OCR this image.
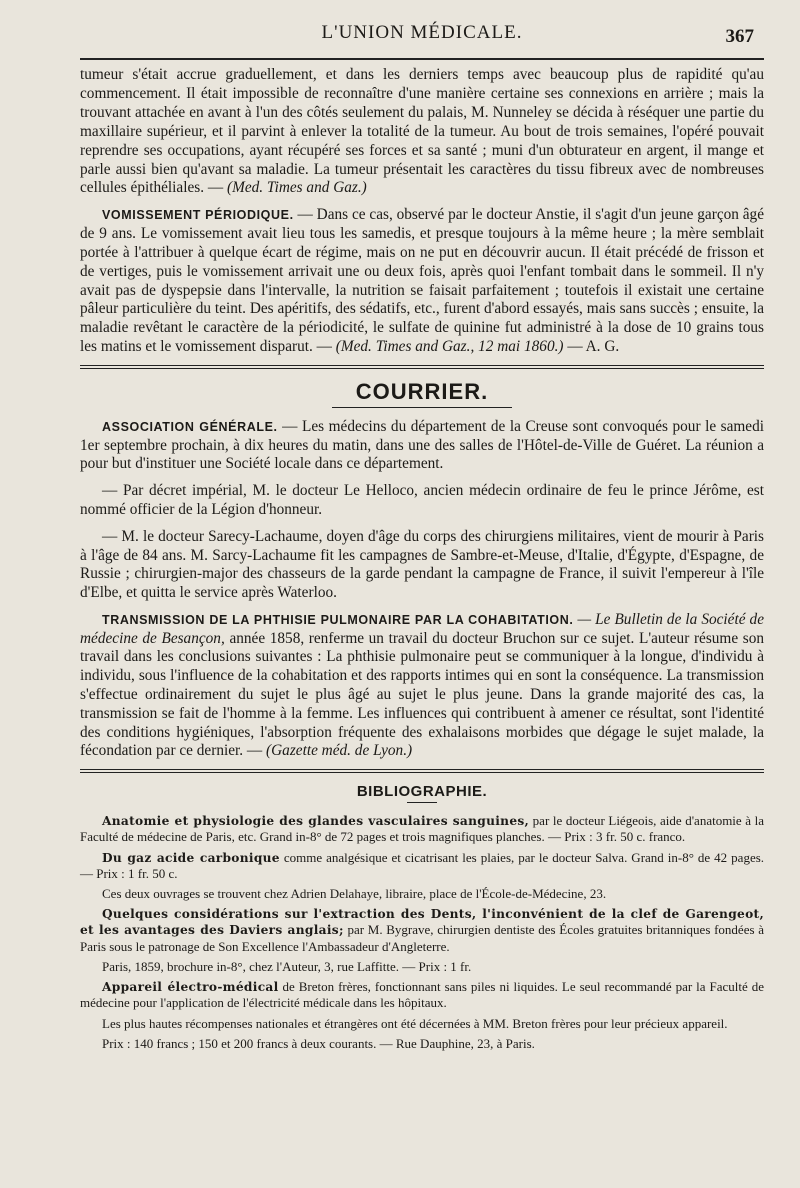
L'UNION MÉDICALE.	367

tumeur s'était accrue graduellement, et dans les derniers temps avec beaucoup plus de rapidité qu'au commencement. Il était impossible de reconnaître d'une manière certaine ses connexions en arrière ; mais la trouvant attachée en avant à l'un des côtés seulement du palais, M. Nunneley se décida à réséquer une partie du maxillaire supérieur, et il parvint à enlever la totalité de la tumeur. Au bout de trois semaines, l'opéré pouvait reprendre ses occupations, ayant récupéré ses forces et sa santé ; muni d'un obturateur en argent, il mange et parle aussi bien qu'avant sa maladie. La tumeur présentait les caractères du tissu fibreux avec de nombreuses cellules épithéliales. — (Med. Times and Gaz.)

VOMISSEMENT PÉRIODIQUE. — Dans ce cas, observé par le docteur Anstie, il s'agit d'un jeune garçon âgé de 9 ans. Le vomissement avait lieu tous les samedis, et presque toujours à la même heure ; la mère semblait portée à l'attribuer à quelque écart de régime, mais on ne put en découvrir aucun. Il était précédé de frisson et de vertiges, puis le vomissement arrivait une ou deux fois, après quoi l'enfant tombait dans le sommeil. Il n'y avait pas de dyspepsie dans l'intervalle, la nutrition se faisait parfaitement ; toutefois il existait une certaine pâleur particulière du teint. Des apéritifs, des sédatifs, etc., furent d'abord essayés, mais sans succès ; ensuite, la maladie revêtant le caractère de la périodicité, le sulfate de quinine fut administré à la dose de 10 grains tous les matins et le vomissement disparut. — (Med. Times and Gaz., 12 mai 1860.) — A. G.

COURRIER.

ASSOCIATION GÉNÉRALE. — Les médecins du département de la Creuse sont convoqués pour le samedi 1er septembre prochain, à dix heures du matin, dans une des salles de l'Hôtel-de-Ville de Guéret. La réunion a pour but d'instituer une Société locale dans ce département.

— Par décret impérial, M. le docteur Le Helloco, ancien médecin ordinaire de feu le prince Jérôme, est nommé officier de la Légion d'honneur.

— M. le docteur Sarecy-Lachaume, doyen d'âge du corps des chirurgiens militaires, vient de mourir à Paris à l'âge de 84 ans. M. Sarcy-Lachaume fit les campagnes de Sambre-et-Meuse, d'Italie, d'Égypte, d'Espagne, de Russie ; chirurgien-major des chasseurs de la garde pendant la campagne de France, il suivit l'empereur à l'île d'Elbe, et quitta le service après Waterloo.

TRANSMISSION DE LA PHTHISIE PULMONAIRE PAR LA COHABITATION. — Le Bulletin de la Société de médecine de Besançon, année 1858, renferme un travail du docteur Bruchon sur ce sujet. L'auteur résume son travail dans les conclusions suivantes : La phthisie pulmonaire peut se communiquer à la longue, d'individu à individu, sous l'influence de la cohabitation et des rapports intimes qui en sont la conséquence. La transmission s'effectue ordinairement du sujet le plus âgé au sujet le plus jeune. Dans la grande majorité des cas, la transmission se fait de l'homme à la femme. Les influences qui contribuent à amener ce résultat, sont l'identité des conditions hygiéniques, l'absorption fréquente des exhalaisons morbides que dégage le sujet malade, la fécondation par ce dernier. — (Gazette méd. de Lyon.)

BIBLIOGRAPHIE.

Anatomie et physiologie des glandes vasculaires sanguines, par le docteur Liégeois, aide d'anatomie à la Faculté de médecine de Paris, etc. Grand in-8° de 72 pages et trois magnifiques planches. — Prix : 3 fr. 50 c. franco.

Du gaz acide carbonique comme analgésique et cicatrisant les plaies, par le docteur Salva. Grand in-8° de 42 pages. — Prix : 1 fr. 50 c.

Ces deux ouvrages se trouvent chez Adrien Delahaye, libraire, place de l'École-de-Médecine, 23.

Quelques considérations sur l'extraction des Dents, l'inconvénient de la clef de Garengeot, et les avantages des Daviers anglais; par M. Bygrave, chirurgien dentiste des Écoles gratuites britanniques fondées à Paris sous le patronage de Son Excellence l'Ambassadeur d'Angleterre.

Paris, 1859, brochure in-8°, chez l'Auteur, 3, rue Laffitte. — Prix : 1 fr.

Appareil électro-médical de Breton frères, fonctionnant sans piles ni liquides. Le seul recommandé par la Faculté de médecine pour l'application de l'électricité médicale dans les hôpitaux.

Les plus hautes récompenses nationales et étrangères ont été décernées à MM. Breton frères pour leur précieux appareil.

Prix : 140 francs ; 150 et 200 francs à deux courants. — Rue Dauphine, 23, à Paris.
